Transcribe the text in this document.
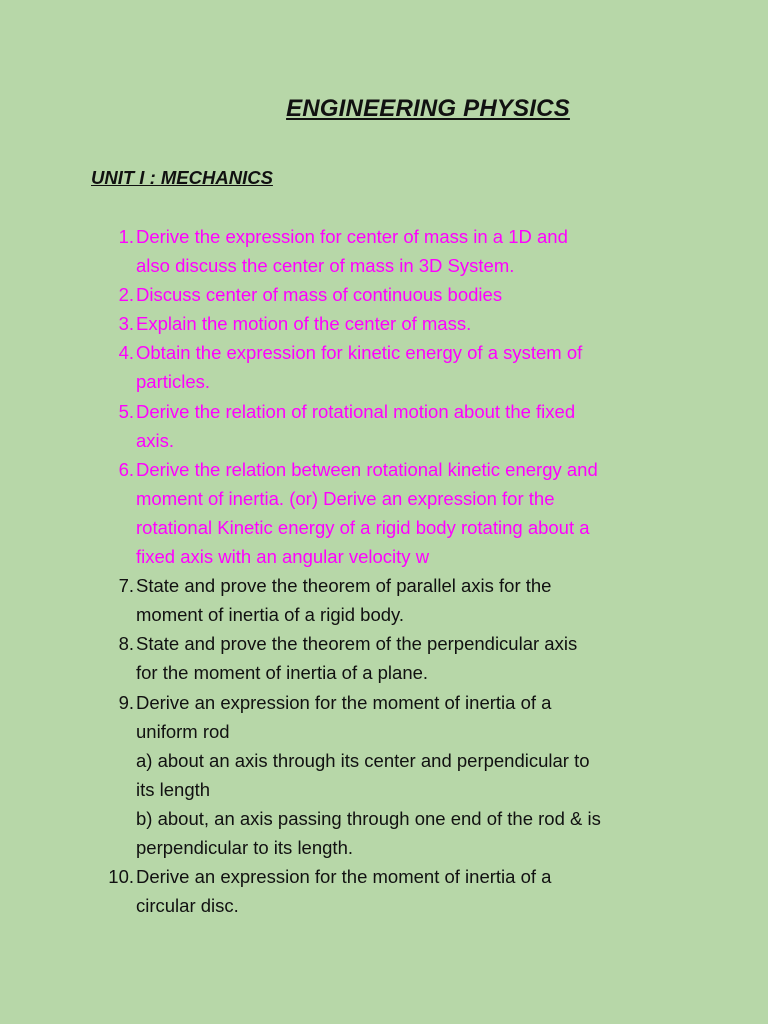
ENGINEERING PHYSICS
UNIT I : MECHANICS
1. Derive the expression for center of mass in a 1D and
also discuss the center of mass in 3D System.
2. Discuss center of mass of continuous bodies
3. Explain the motion of the center of mass.
4. Obtain the expression for kinetic energy of a system of
particles.
5. Derive the relation of rotational motion about the fixed
axis.
6. Derive the relation between rotational kinetic energy and
moment of inertia. (or) Derive an expression for the
rotational Kinetic energy of a rigid body rotating about a
fixed axis with an angular velocity w
7. State and prove the theorem of parallel axis for the
moment of inertia of a rigid body.
8. State and prove the theorem of the perpendicular axis
for the moment of inertia of a plane.
9. Derive an expression for the moment of inertia of a
uniform rod
a) about an axis through its center and perpendicular to
its length
b) about, an axis passing through one end of the rod & is
perpendicular to its length.
10. Derive an expression for the moment of inertia of a
circular disc.
